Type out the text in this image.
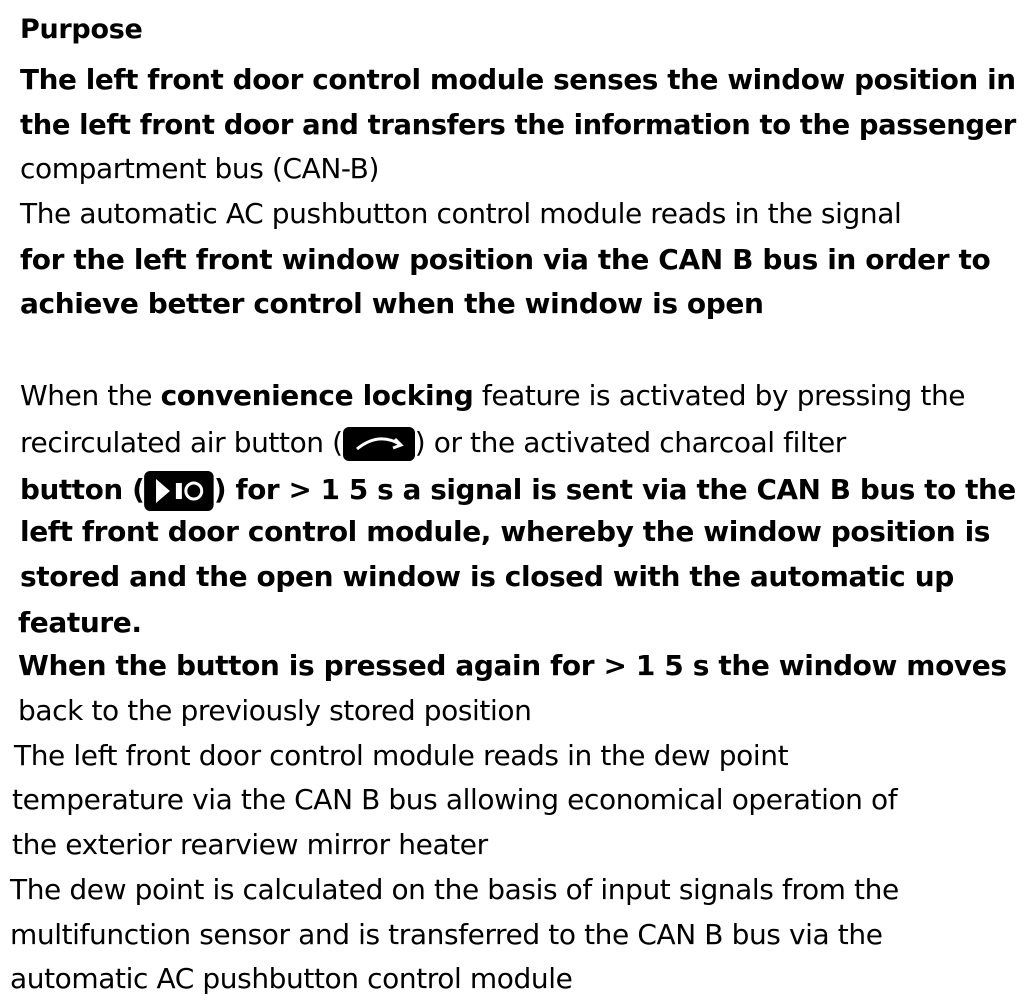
Purpose
The left front door control module senses the window position in
the left front door and transfers the information to the passenger
compartment bus (CAN-B)
The automatic AC pushbutton control module reads in the signal
for the left front window position via the CAN B bus in order to
achieve better control when the window is open
When the convenience locking feature is activated by pressing the
recirculated air button (	) or the activated charcoal filter
button ( ) for > 1 5 s a signal is sent via the CAN B bus to the
left front door control module, whereby the window position is
stored and the open window is closed with the automatic up
feature.
When the button is pressed again for > 1 5 s the window moves
back to the previously stored position
The left front door control module reads in the dew point
temperature via the CAN B bus allowing economical operation of
the exterior rearview mirror heater
The dew point is calculated on the basis of input signals from the
multifunction sensor and is transferred to the CAN B bus via the
automatic AC pushbutton control module
